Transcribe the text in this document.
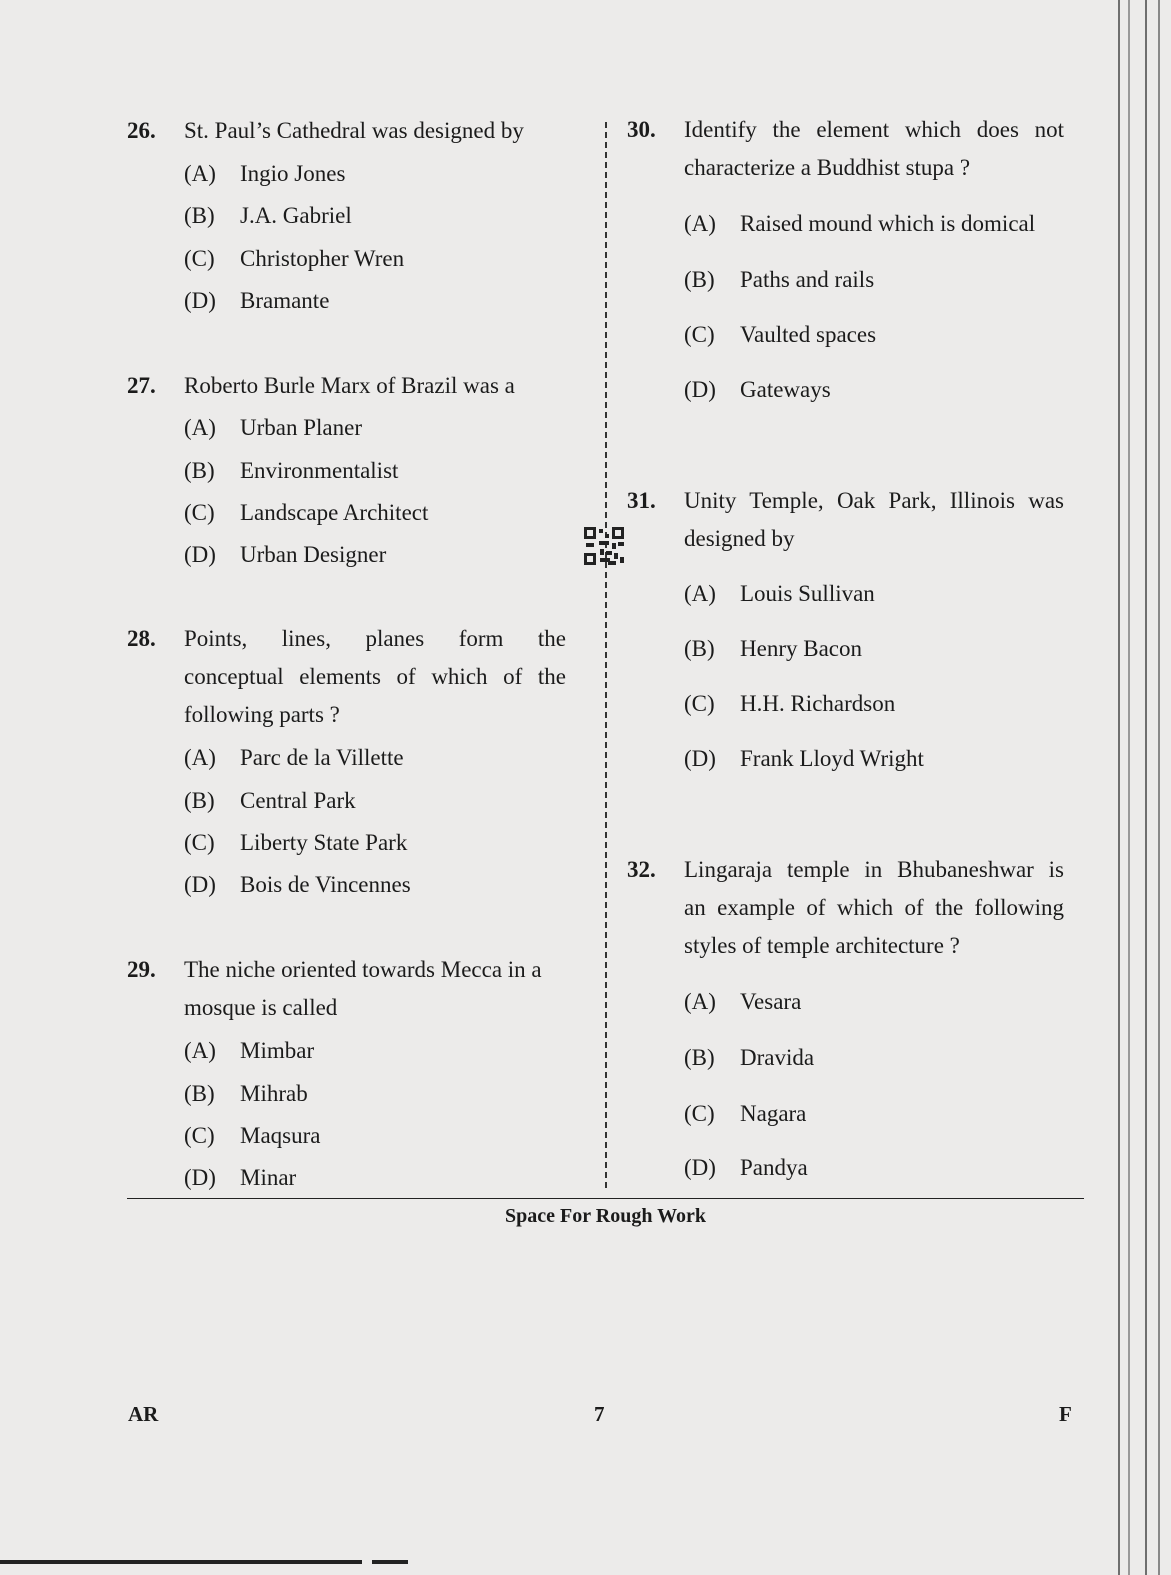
26. St. Paul’s Cathedral was designed by
(A) Ingio Jones
(B) J.A. Gabriel
(C) Christopher Wren
(D) Bramante
27. Roberto Burle Marx of Brazil was a
(A) Urban Planer
(B) Environmentalist
(C) Landscape Architect
(D) Urban Designer
28. Points, lines, planes form the
conceptual elements of which of the
following parts ?
(A) Parc de la Villette
(B) Central Park
(C) Liberty State Park
(D) Bois de Vincennes
29. The niche oriented towards Mecca in a
mosque is called
(A) Mimbar
(B) Mihrab
(C) Maqsura
(D) Minar
30. Identify the element which does not
characterize a Buddhist stupa ?
(A) Raised mound which is domical
(B) Paths and rails
(C) Vaulted spaces
(D) Gateways
31. Unity Temple, Oak Park, Illinois was
designed by
(A) Louis Sullivan
(B) Henry Bacon
(C) H.H. Richardson
(D) Frank Lloyd Wright
32. Lingaraja temple in Bhubaneshwar is
an example of which of the following
styles of temple architecture ?
(A) Vesara
(B) Dravida
(C) Nagara
(D) Pandya
Space For Rough Work
AR	7	F
